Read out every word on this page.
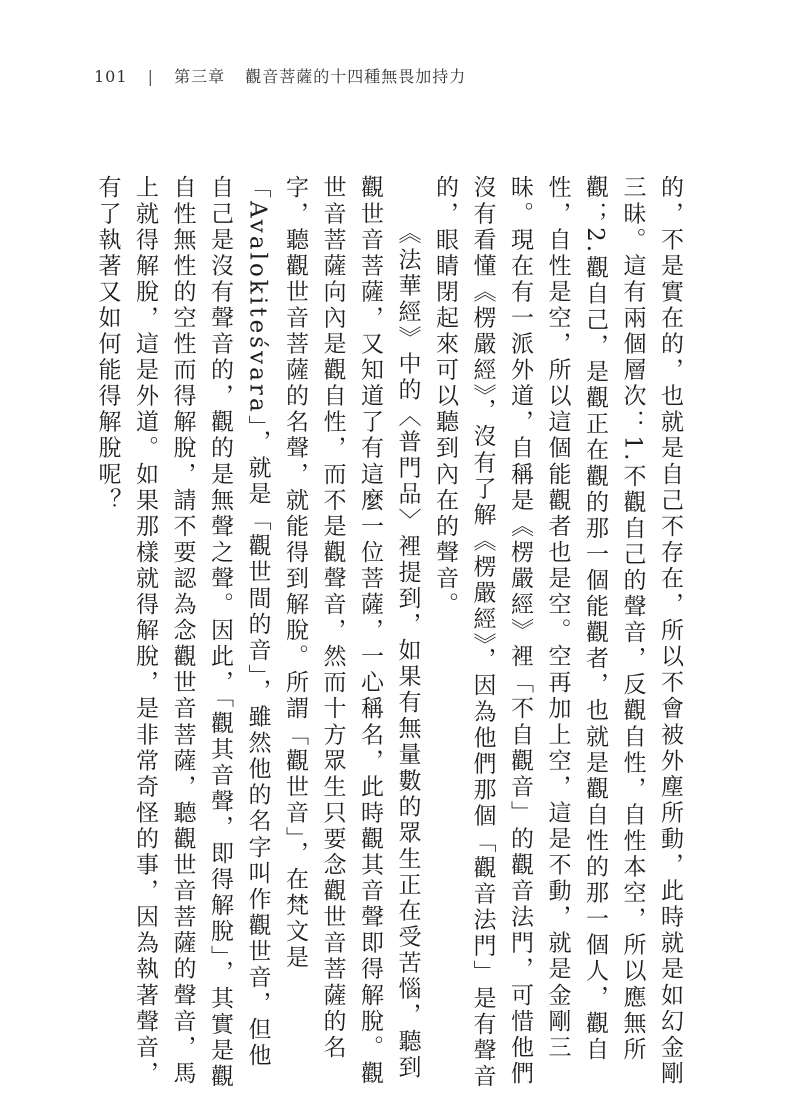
101 | 第三章 觀音菩薩的十四種無畏加持力

的，不是實在的，也就是自己不存在，所以不會被外塵所動，此時就是如幻金剛三昧。這有兩個層次：1.不觀自己的聲音，反觀自性，自性本空，所以應無所觀；2.觀自己，是觀正在觀的那一個能觀者，也就是觀自性的那一個人，觀自性，自性是空，所以這個能觀者也是空。空再加上空，這是不動，就是金剛三昧。現在有一派外道，自稱是《楞嚴經》裡「不自觀音」的觀音法門，可惜他們沒有看懂《楞嚴經》，沒有了解《楞嚴經》，因為他們那個「觀音法門」是有聲音的，眼睛閉起來可以聽到內在的聲音。

《法華經》中的〈普門品〉裡提到，如果有無量數的眾生正在受苦惱，聽到觀世音菩薩，又知道了有這麼一位菩薩，一心稱名，此時觀其音聲即得解脫。觀世音菩薩向內是觀自性，而不是觀聲音，然而十方眾生只要念觀世音菩薩的名字，聽觀世音菩薩的名聲，就能得到解脫。所謂「觀世音」，在梵文是「Avalokiteśvara」，就是「觀世間的音」，雖然他的名字叫作觀世音，但他自己是沒有聲音的，觀的是無聲之聲。因此，「觀其音聲，即得解脫」，其實是觀自性無性的空性而得解脫，請不要認為念觀世音菩薩，聽觀世音菩薩的聲音，馬上就得解脫，這是外道。如果那樣就得解脫，是非常奇怪的事，因為執著聲音，有了執著又如何能得解脫呢？
